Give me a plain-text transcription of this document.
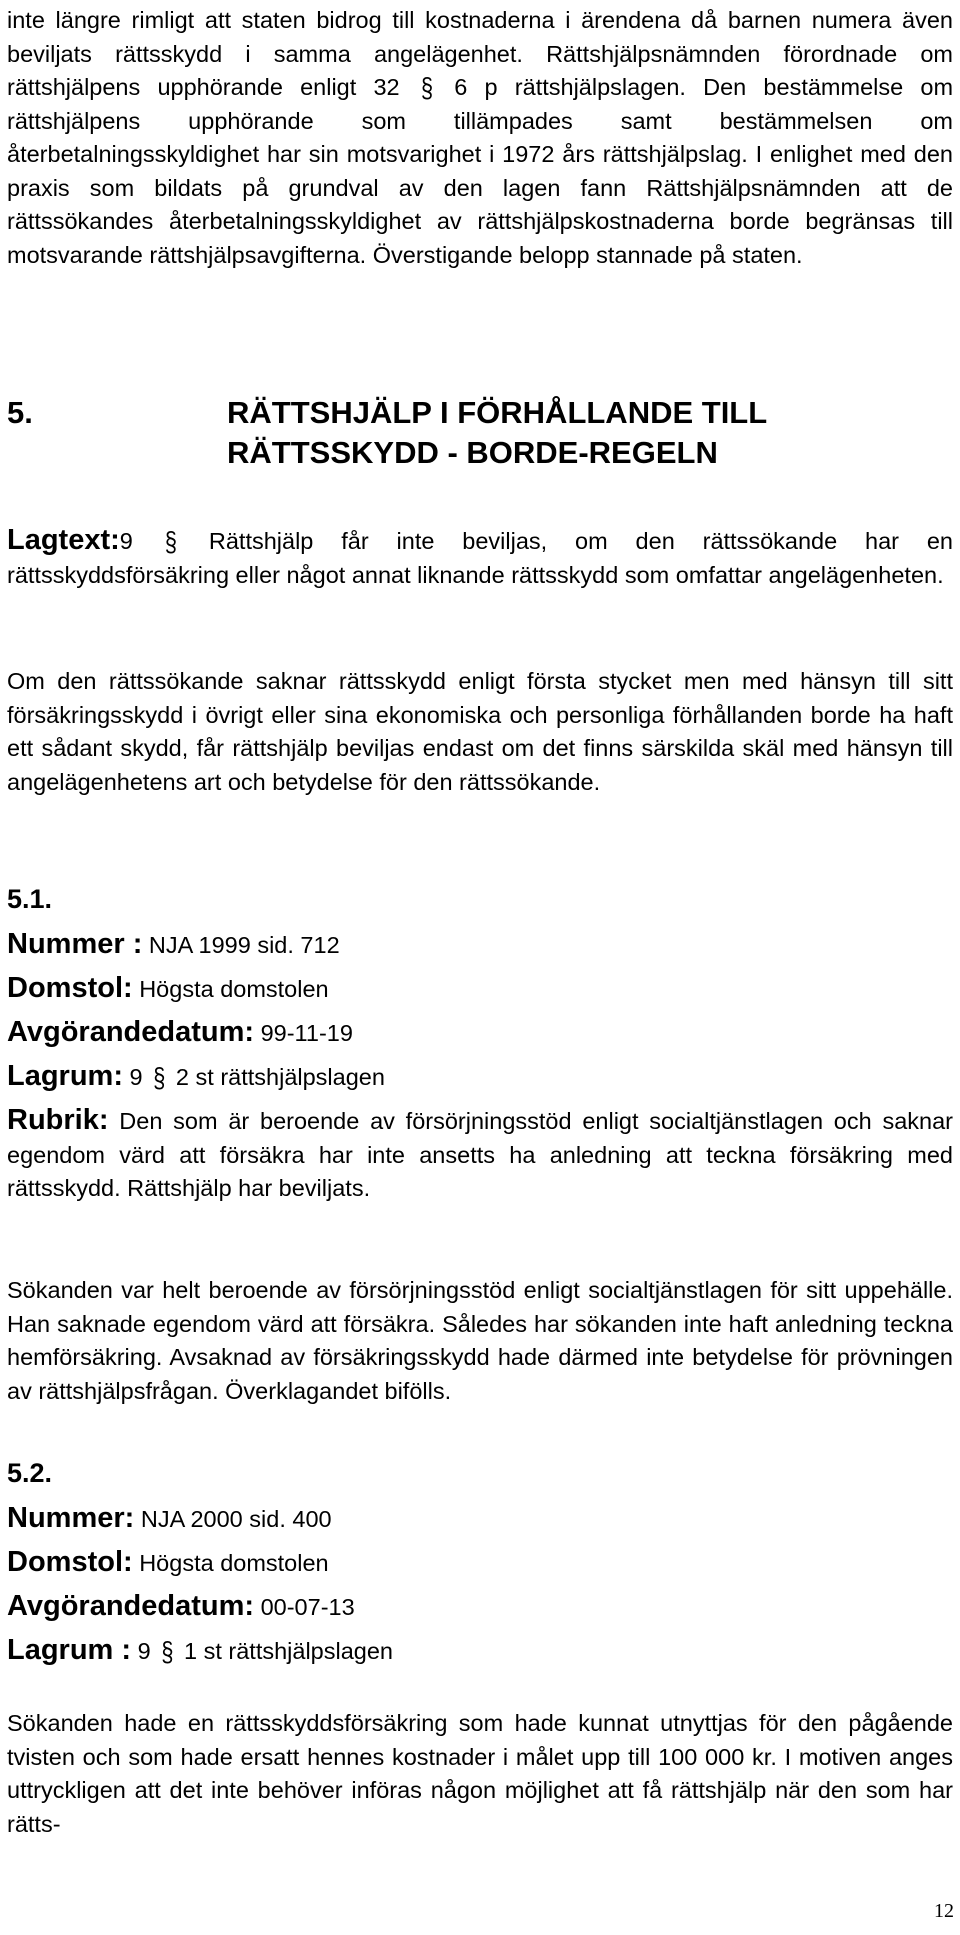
inte längre rimligt att staten bidrog till kostnaderna i ärendena då barnen numera även beviljats rättsskydd i samma angelägenhet. Rättshjälpsnämnden förordnade om rättshjälpens upphörande enligt 32 § 6 p rättshjälpslagen. Den bestämmelse om rättshjälpens upphörande som tillämpades samt bestämmelsen om återbetalningsskyldighet har sin motsvarighet i 1972 års rättshjälpslag. I enlighet med den praxis som bildats på grundval av den lagen fann Rättshjälpsnämnden att de rättssökandes återbetalningsskyldighet av rättshjälpskostnaderna borde begränsas till motsvarande rättshjälpsavgifterna. Överstigande belopp stannade på staten.

5.	RÄTTSHJÄLP I FÖRHÅLLANDE TILL
RÄTTSSKYDD - BORDE-REGELN

Lagtext:9 § Rättshjälp får inte beviljas, om den rättssökande har en rättsskyddsförsäkring eller något annat liknande rättsskydd som omfattar angelägenheten.

Om den rättssökande saknar rättsskydd enligt första stycket men med hänsyn till sitt försäkringsskydd i övrigt eller sina ekonomiska och personliga förhållanden borde ha haft ett sådant skydd, får rättshjälp beviljas endast om det finns särskilda skäl med hänsyn till angelägenhetens art och betydelse för den rättssökande.

5.1.

Nummer : NJA 1999 sid. 712

Domstol: Högsta domstolen

Avgörandedatum: 99-11-19

Lagrum: 9 § 2 st rättshjälpslagen

Rubrik: Den som är beroende av försörjningsstöd enligt socialtjänstlagen och saknar egendom värd att försäkra har inte ansetts ha anledning att teckna försäkring med rättsskydd. Rättshjälp har beviljats.

Sökanden var helt beroende av försörjningsstöd enligt socialtjänstlagen för sitt uppehälle. Han saknade egendom värd att försäkra. Således har sökanden inte haft anledning teckna hemförsäkring. Avsaknad av försäkringsskydd hade därmed inte betydelse för prövningen av rättshjälpsfrågan. Överklagandet bifölls.

5.2.

Nummer: NJA 2000 sid. 400

Domstol: Högsta domstolen

Avgörandedatum: 00-07-13

Lagrum : 9 § 1 st rättshjälpslagen

Sökanden hade en rättsskyddsförsäkring som hade kunnat utnyttjas för den pågående tvisten och som hade ersatt hennes kostnader i målet upp till 100 000 kr. I motiven anges uttryckligen att det inte behöver införas någon möjlighet att få rättshjälp när den som har rätts-

12
